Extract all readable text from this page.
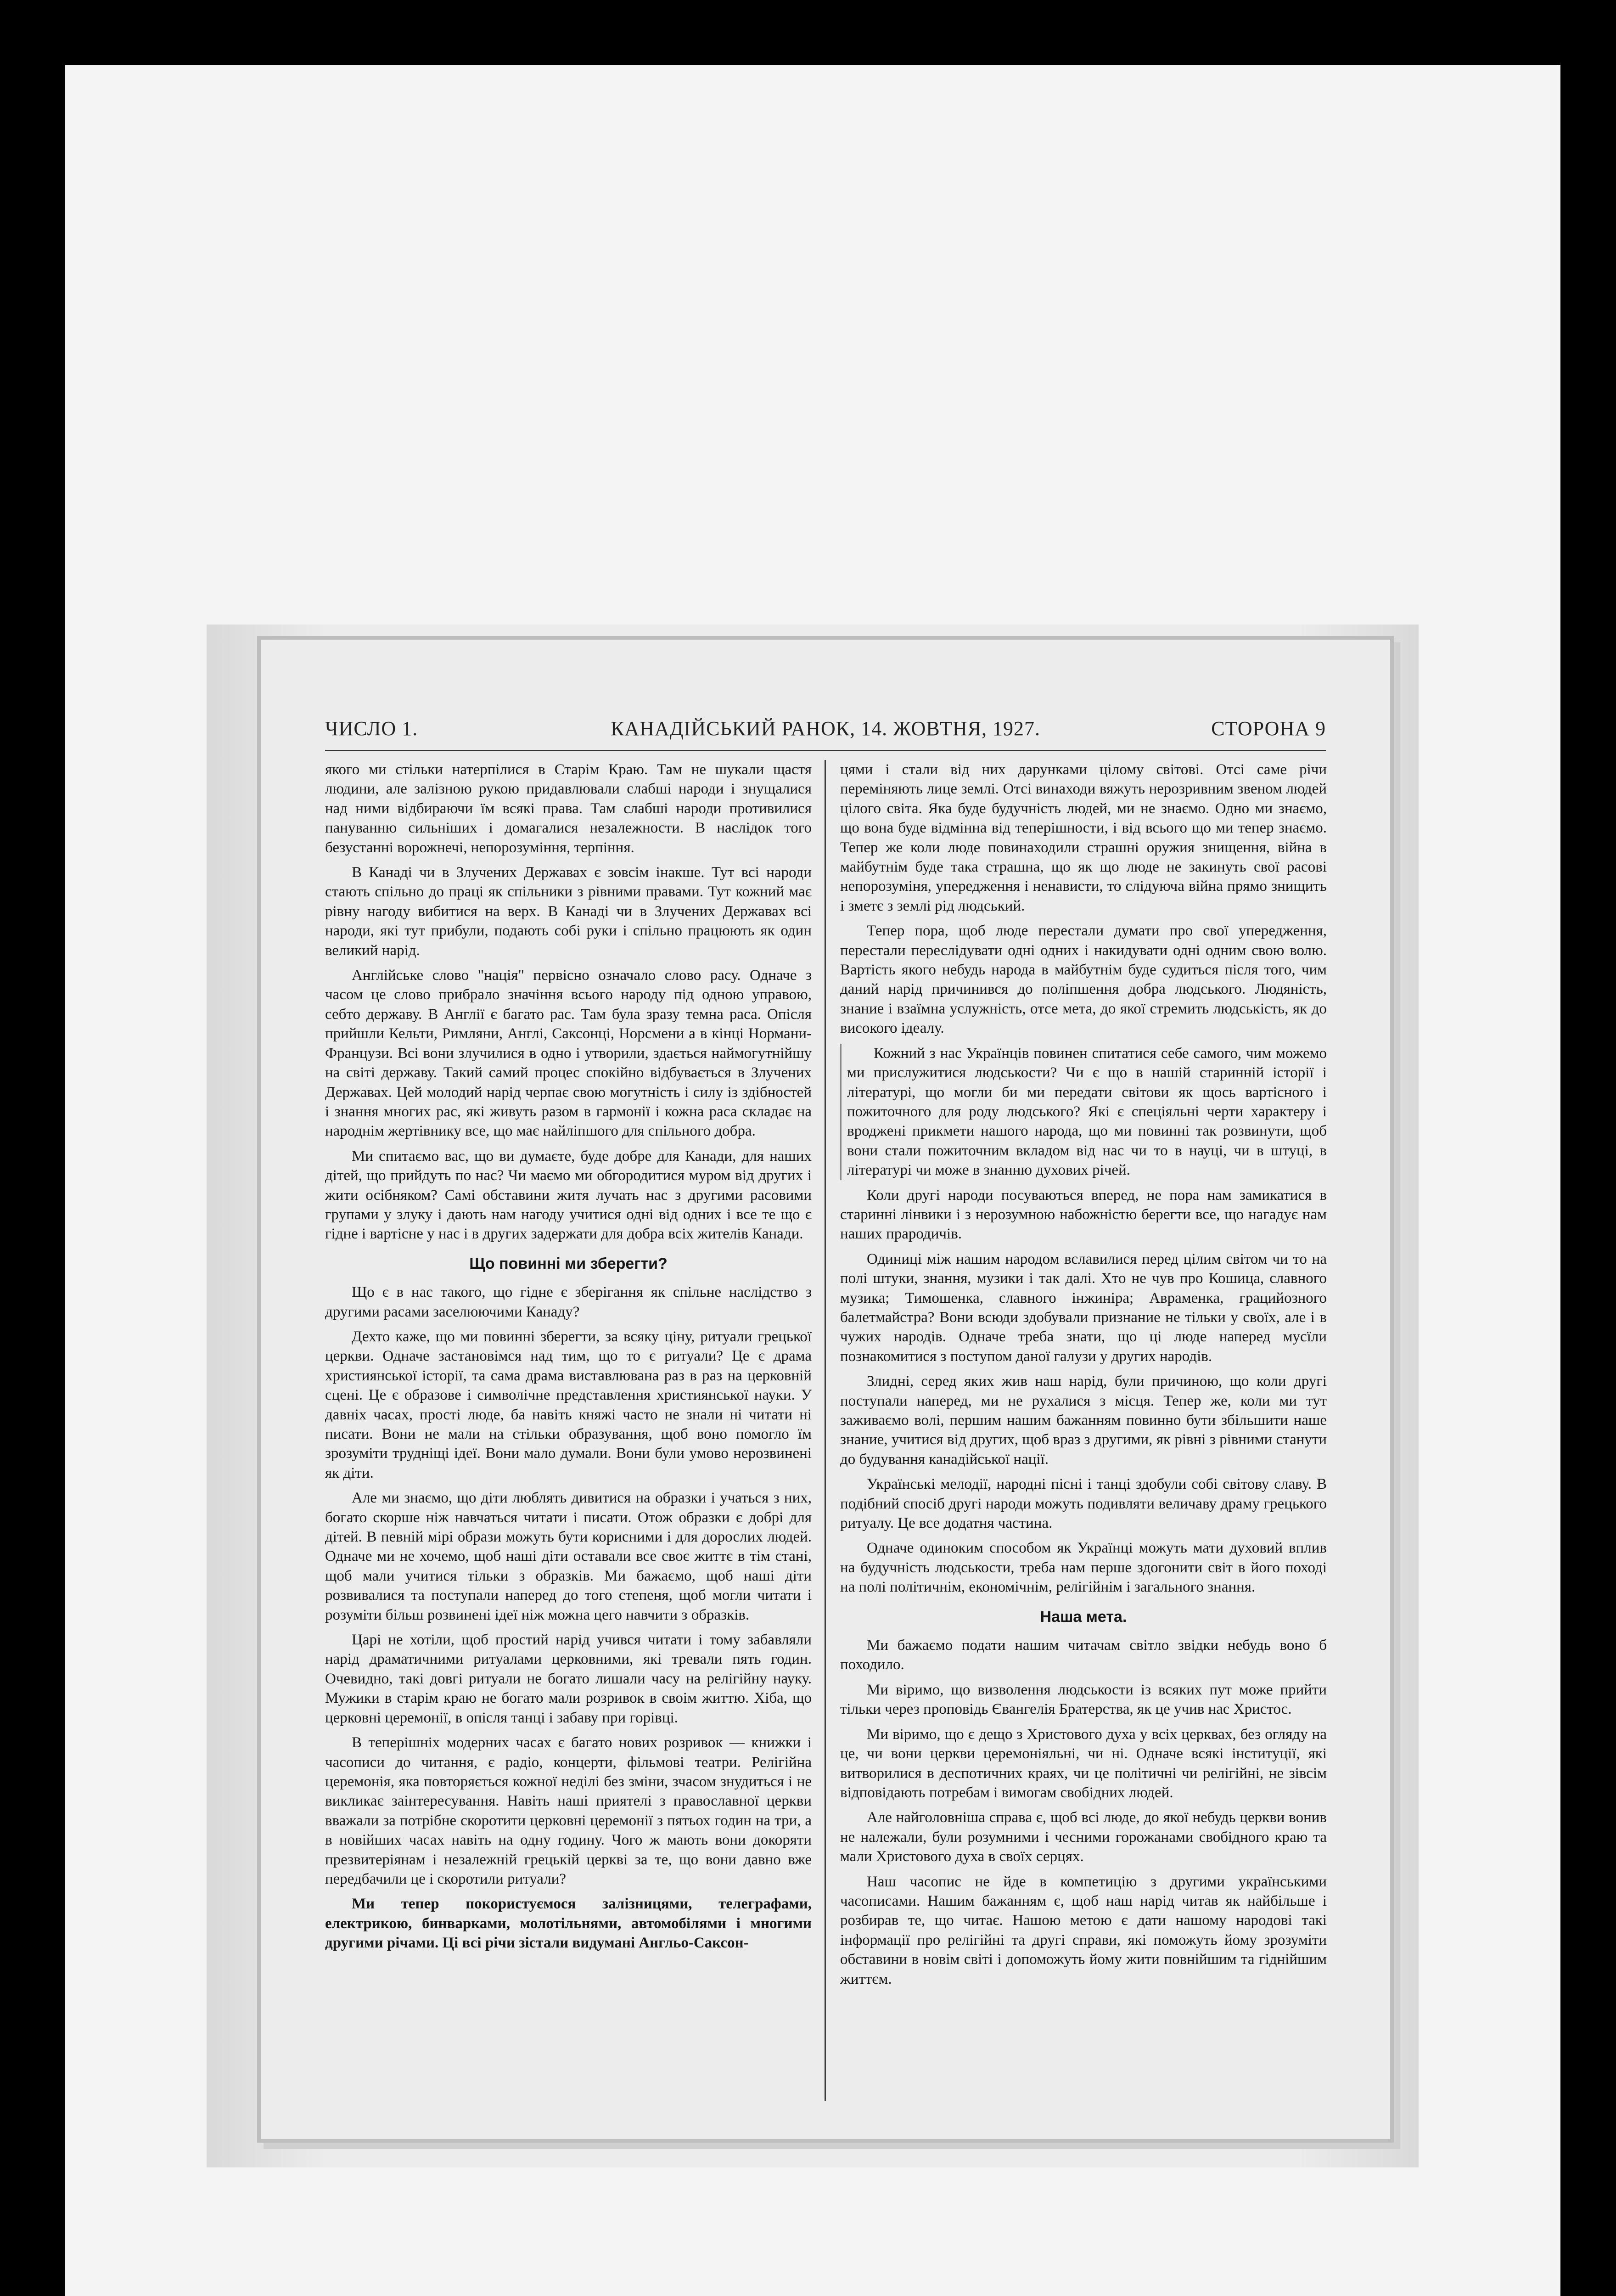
ЧИСЛО 1.	КАНАДІЙСЬКИЙ РАНОК, 14. ЖОВТНЯ, 1927.	СТОРОНА 9

якого ми стільки натерпілися в Старім Краю. Там не шукали щастя людини, але залізною рукою придавлювали слабші народи і знущалися над ними відбираючи їм всякі права. Там слабші народи противилися пануванню сильніших і домагалися незалежности. В наслідок того безустанні ворожнечі, непорозуміння, терпіння.

В Канаді чи в Злучених Державах є зовсім інакше. Тут всі народи стають спільно до праці як спільники з рівними правами. Тут кожний має рівну нагоду вибитися на верх. В Канаді чи в Злучених Державах всі народи, які тут прибули, подають собі руки і спільно працюють як один великий нарід.

Англійське слово "нація" первісно означало слово расу. Одначе з часом це слово прибрало значіння всього народу під одною управою, себто державу. В Англії є багато рас. Там була зразу темна раса. Опісля прийшли Кельти, Римляни, Англі, Саксонці, Норсмени а в кінці Нормани-Французи. Всі вони злучилися в одно і утворили, здається наймогутнійшу на світі державу. Такий самий процес спокійно відбувається в Злучених Державах. Цей молодий нарід черпає свою могутність і силу із здібностей і знання многих рас, які живуть разом в гармонії і кожна раса складає на народнім жертівнику все, що має найліпшого для спільного добра.

Ми спитаємо вас, що ви думаєте, буде добре для Канади, для наших дітей, що прийдуть по нас? Чи маємо ми обгородитися муром від других і жити осібняком? Самі обставини житя лучать нас з другими расовими групами у злуку і дають нам нагоду учитися одні від одних і все те що є гідне і вартісне у нас і в других задержати для добра всіх жителів Канади.

Що повинні ми зберегти?

Що є в нас такого, що гідне є зберігання як спільне наслідство з другими расами заселюючими Канаду?

Дехто каже, що ми повинні зберегти, за всяку ціну, ритуали грецької церкви. Одначе застановімся над тим, що то є ритуали? Це є драма християнської історії, та сама драма виставлювана раз в раз на церковній сцені. Це є образове і символічне представлення християнської науки. У давніх часах, прості люде, ба навіть княжі часто не знали ні читати ні писати. Вони не мали на стільки образування, щоб воно помогло їм зрозуміти трудніщі ідеї. Вони мало думали. Вони були умово нерозвинені як діти.

Але ми знаємо, що діти люблять дивитися на образки і учаться з них, богато скорше ніж навчаться читати і писати. Отож образки є добрі для дітей. В певній мірі образи можуть бути корисними і для дорослих людей. Одначе ми не хочемо, щоб наші діти оставали все своє життє в тім стані, щоб мали учитися тільки з образків. Ми бажаємо, щоб наші діти розвивалися та поступали наперед до того степеня, щоб могли читати і розуміти більш розвинені ідеї ніж можна цего навчити з образків.

Царі не хотіли, щоб простий нарід учився читати і тому забавляли нарід драматичними ритуалами церковними, які тревали пять годин. Очевидно, такі довгі ритуали не богато лишали часу на релігійну науку. Мужики в старім краю не богато мали розривок в своім життю. Хіба, що церковні церемонії, в опісля танці і забаву при горівці.

В теперішніх модерних часах є багато нових розривок — книжки і часописи до читання, є радіо, концерти, фільмові театри. Релігійна церемонія, яка повторяється кожної неділі без зміни, зчасом знудиться і не викликає заінтересування. Навіть наші приятелі з православної церкви вважали за потрібне скоротити церковні церемонії з пятьох годин на три, а в новійших часах навіть на одну годину. Чого ж мають вони докоряти презвитеріянам і незалежній грецькій церкві за те, що вони давно вже передбачили це і скоротили ритуали?

Ми тепер покористуємося залізницями, телеграфами, електрикою, бинварками, молотільнями, автомобілями і многими другими річами. Ці всі річи зістали видумані Англьо-Саксон-

цями і стали від них дарунками цілому світові. Отсі саме річи переміняють лице землі. Отсі винаходи вяжуть нерозривним звеном людей цілого світа. Яка буде будучність людей, ми не знаємо. Одно ми знаємо, що вона буде відмінна від теперішности, і від всього що ми тепер знаємо. Тепер же коли люде повинаходили страшні оружия знищення, війна в майбутнім буде така страшна, що як що люде не закинуть свої расові непорозуміня, упередження і ненависти, то слідуюча війна прямо знищить і зметє з землі рід людський.

Тепер пора, щоб люде перестали думати про свої упередження, перестали переслідувати одні одних і накидувати одні одним свою волю. Вартість якого небудь народа в майбутнім буде судиться після того, чим даний нарід причинився до поліпшення добра людського. Людяність, знание і взаїмна услужність, отсе мета, до якої стремить людськість, як до високого ідеалу.

Кожний з нас Українців повинен спитатися себе самого, чим можемо ми прислужитися людськости? Чи є що в нашій старинній історії і літературі, що могли би ми передати світови як щось вартісного і пожиточного для роду людського? Які є спеціяльні черти характеру і вроджені прикмети нашого народа, що ми повинні так розвинути, щоб вони стали пожиточним вкладом від нас чи то в науці, чи в штуці, в літературі чи може в знанню духових річей.

Коли другі народи посуваються вперед, не пора нам замикатися в старинні лінвики і з нерозумною набожністю берегти все, що нагадує нам наших прародичів.

Одиниці між нашим народом вславилися перед цілим світом чи то на полі штуки, знання, музики і так далі. Хто не чув про Кошица, славного музика; Тимошенка, славного інжиніра; Авраменка, грацийозного балетмайстра? Вони всюди здобували признание не тільки у своїх, але і в чужих народів. Одначе треба знати, що ці люде наперед мусїли познакомитися з поступом даної галузи у других народів.

Злидні, серед яких жив наш нарід, були причиною, що коли другі поступали наперед, ми не рухалися з місця. Тепер же, коли ми тут заживаємо волі, першим нашим бажанням повинно бути збільшити наше знание, учитися від других, щоб враз з другими, як рівні з рівними станути до будування канадійської нації.

Українські мелодії, народні пісні і танці здобули собі світову славу. В подібний спосіб другі народи можуть подивляти величаву драму грецького ритуалу. Це все додатня частина.

Одначе одиноким способом як Українці можуть мати духовий вплив на будучність людськости, треба нам перше здогонити світ в його поході на полі політичнім, економічнім, релігійнім і загального знання.

Наша мета.

Ми бажаємо подати нашим читачам світло звідки небудь воно б походило.

Ми віримо, що визволення людськости із всяких пут може прийти тільки через проповідь Євангелія Братерства, як це учив нас Христос.

Ми віримо, що є дещо з Христового духа у всіх церквах, без огляду на це, чи вони церкви церемоніяльні, чи ні. Одначе всякі інституції, які витворилися в деспотичних краях, чи це політичні чи релігійні, не зівсім відповідають потребам і вимогам свобідних людей.

Але найголовніша справа є, щоб всі люде, до якої небудь церкви вонив не належали, були розумними і чесними горожанами свобідного краю та мали Христового духа в своїх серцях.

Наш часопис не йде в компетицію з другими українськими часописами. Нашим бажанням є, щоб наш нарід читав як найбільше і розбирав те, що читає. Нашою метою є дати нашому народові такі інформації про релігійні та другі справи, які поможуть йому зрозуміти обставини в новім світі і допоможуть йому жити повнійшим та гіднійшим життєм.
